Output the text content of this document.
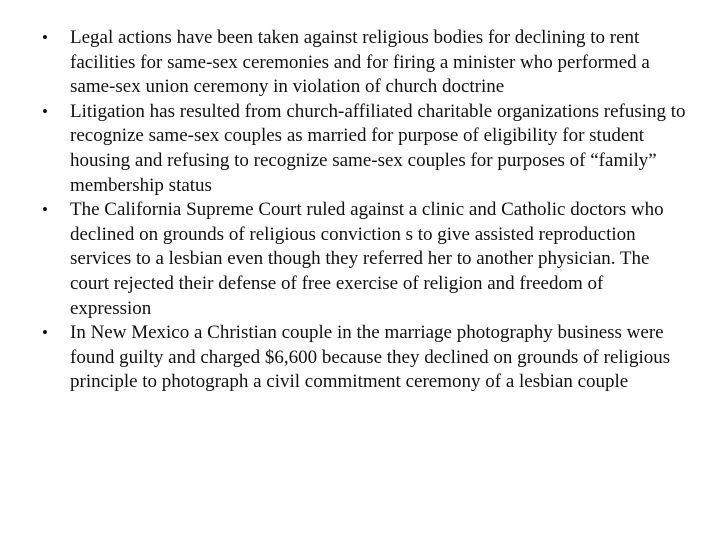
• Legal actions have been taken against religious bodies for declining to rent facilities for same-sex ceremonies and for firing a minister who performed a same-sex union ceremony in violation of church doctrine
• Litigation has resulted from church-affiliated charitable organizations refusing to recognize same-sex couples as married for purpose of eligibility for student housing and refusing to recognize same-sex couples for purposes of “family” membership status
• The California Supreme Court ruled against a clinic and Catholic doctors who declined on grounds of religious conviction s to give assisted reproduction services to a lesbian even though they referred her to another physician. The court rejected their defense of free exercise of religion and freedom of expression
• In New Mexico a Christian couple in the marriage photography business were found guilty and charged $6,600 because they declined on grounds of religious principle to photograph a civil commitment ceremony of a lesbian couple
